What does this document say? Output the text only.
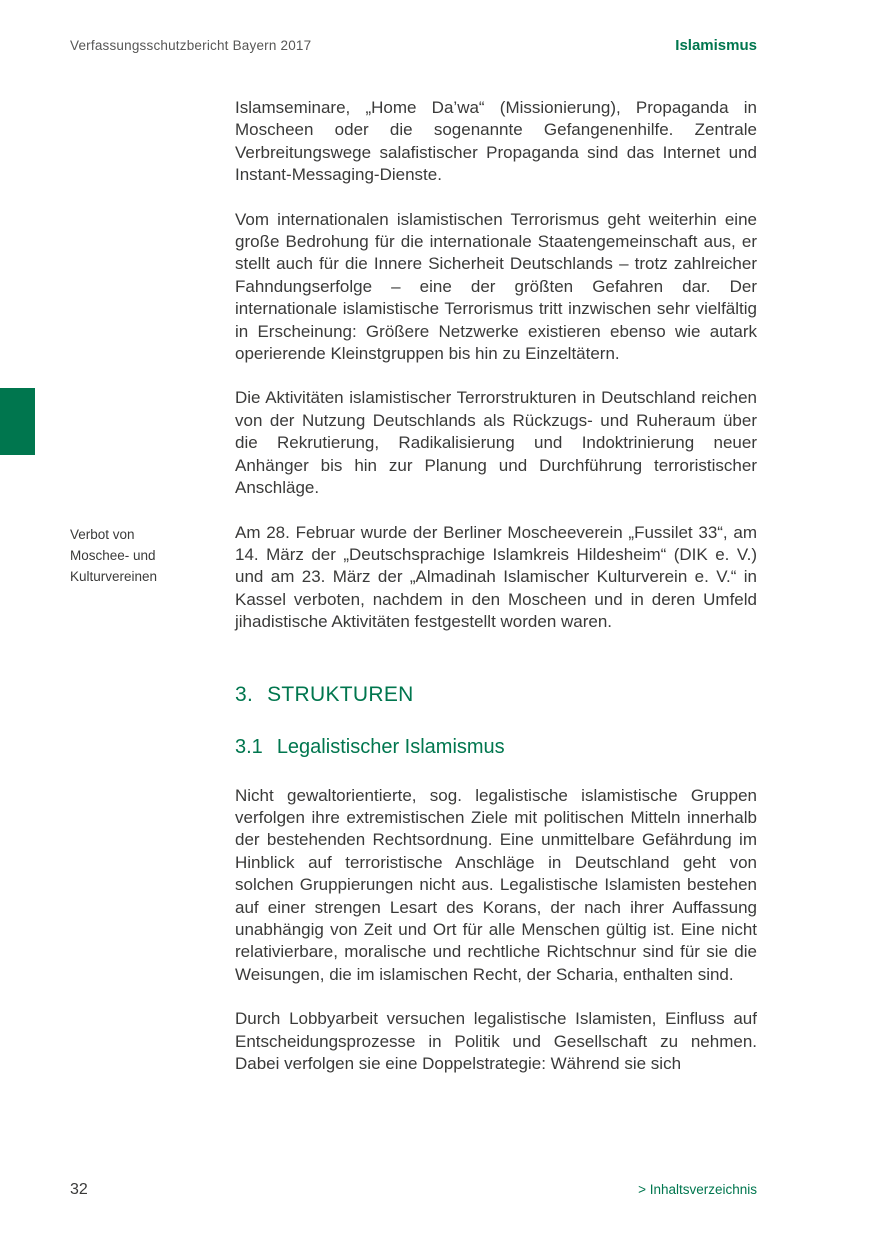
Verfassungsschutzbericht Bayern 2017	Islamismus

Islamseminare, „Home Da’wa“ (Missionierung), Propaganda in Moscheen oder die sogenannte Gefangenenhilfe. Zentrale Verbreitungswege salafistischer Propaganda sind das Internet und Instant-Messaging-Dienste.

Vom internationalen islamistischen Terrorismus geht weiterhin eine große Bedrohung für die internationale Staatengemeinschaft aus, er stellt auch für die Innere Sicherheit Deutschlands – trotz zahlreicher Fahndungserfolge – eine der größten Gefahren dar. Der internationale islamistische Terrorismus tritt inzwischen sehr vielfältig in Erscheinung: Größere Netzwerke existieren ebenso wie autark operierende Kleinstgruppen bis hin zu Einzeltätern.

Die Aktivitäten islamistischer Terrorstrukturen in Deutschland reichen von der Nutzung Deutschlands als Rückzugs- und Ruheraum über die Rekrutierung, Radikalisierung und Indoktrinierung neuer Anhänger bis hin zur Planung und Durchführung terroristischer Anschläge.

Verbot von Moschee- und Kulturvereinen

Am 28. Februar wurde der Berliner Moscheeverein „Fussilet 33“, am 14. März der „Deutschsprachige Islamkreis Hildesheim“ (DIK e. V.) und am 23. März der „Almadinah Islamischer Kulturverein e. V.“ in Kassel verboten, nachdem in den Moscheen und in deren Umfeld jihadistische Aktivitäten festgestellt worden waren.

3. STRUKTUREN
3.1 Legalistischer Islamismus

Nicht gewaltorientierte, sog. legalistische islamistische Gruppen verfolgen ihre extremistischen Ziele mit politischen Mitteln innerhalb der bestehenden Rechtsordnung. Eine unmittelbare Gefährdung im Hinblick auf terroristische Anschläge in Deutschland geht von solchen Gruppierungen nicht aus. Legalistische Islamisten bestehen auf einer strengen Lesart des Korans, der nach ihrer Auffassung unabhängig von Zeit und Ort für alle Menschen gültig ist. Eine nicht relativierbare, moralische und rechtliche Richtschnur sind für sie die Weisungen, die im islamischen Recht, der Scharia, enthalten sind.

Durch Lobbyarbeit versuchen legalistische Islamisten, Einfluss auf Entscheidungsprozesse in Politik und Gesellschaft zu nehmen. Dabei verfolgen sie eine Doppelstrategie: Während sie sich

32	> Inhaltsverzeichnis
